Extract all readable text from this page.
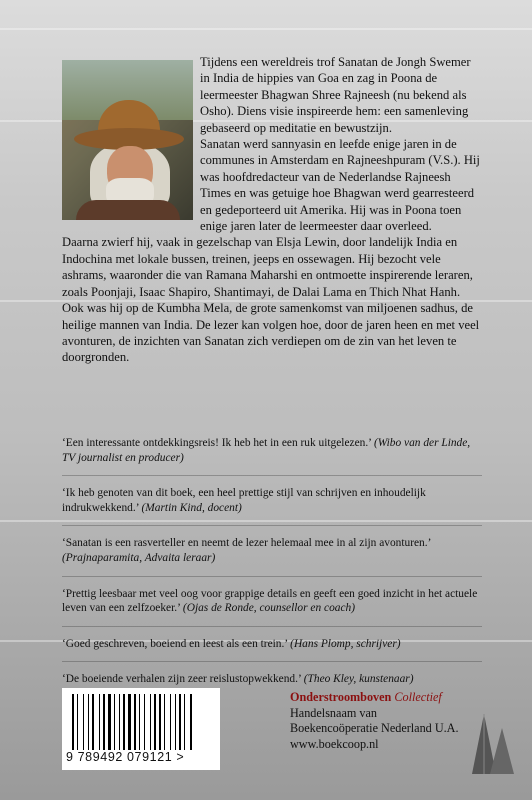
Tijdens een wereldreis trof Sanatan de Jongh Swemer in India de hippies van Goa en zag in Poona de leermeester Bhagwan Shree Rajneesh (nu bekend als Osho). Diens visie inspireerde hem: een samenleving gebaseerd op meditatie en bewustzijn.

Sanatan werd sannyasin en leefde enige jaren in de communes in Amsterdam en Rajneeshpuram (V.S.). Hij was hoofdredacteur van de Nederlandse Rajneesh Times en was getuige hoe Bhagwan werd gearresteerd en gedeporteerd uit Amerika. Hij was in Poona toen enige jaren later de leermeester daar overleed.

Daarna zwierf hij, vaak in gezelschap van Elsja Lewin, door landelijk India en Indochina met lokale bussen, treinen, jeeps en ossewagen. Hij bezocht vele ashrams, waaronder die van Ramana Maharshi en ontmoette inspirerende leraren, zoals Poonjaji, Isaac Shapiro, Shantimayi, de Dalai Lama en Thich Nhat Hanh. Ook was hij op de Kumbha Mela, de grote samenkomst van miljoenen sadhus, de heilige mannen van India. De lezer kan volgen hoe, door de jaren heen en met veel avonturen, de inzichten van Sanatan zich verdiepen om de zin van het leven te doorgronden.

‘Een interessante ontdekkingsreis! Ik heb het in een ruk uitgelezen.’ (Wibo van der Linde, TV journalist en producer)

‘Ik heb genoten van dit boek, een heel prettige stijl van schrijven en inhoudelijk indrukwekkend.’ (Martin Kind, docent)

‘Sanatan is een rasverteller en neemt de lezer helemaal mee in al zijn avonturen.’ (Prajnaparamita, Advaita leraar)

‘Prettig leesbaar met veel oog voor grappige details en geeft een goed inzicht in het actuele leven van een zelfzoeker.’ (Ojas de Ronde, counsellor en coach)

‘Goed geschreven, boeiend en leest als een trein.’ (Hans Plomp, schrijver)

‘De boeiende verhalen zijn zeer reislustopwekkend.’ (Theo Kley, kunstenaar)

9 789492 079121 >
Onderstroomboven Collectief
Handelsnaam van
Boekencoöperatie Nederland U.A.
www.boekcoop.nl
